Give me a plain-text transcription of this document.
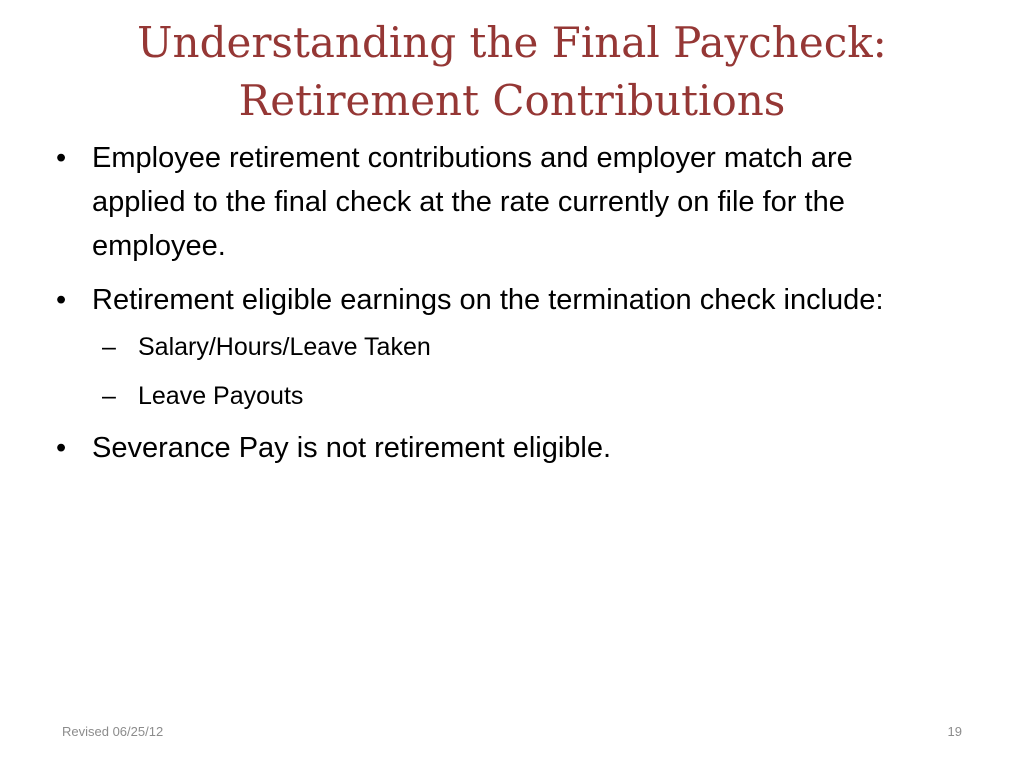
Understanding the Final Paycheck:
Retirement Contributions
• Employee retirement contributions and employer match are applied to the final check at the rate currently on file for the employee.
• Retirement eligible earnings on the termination check include:
– Salary/Hours/Leave Taken
– Leave Payouts
• Severance Pay is not retirement eligible.
Revised 06/25/12	19
